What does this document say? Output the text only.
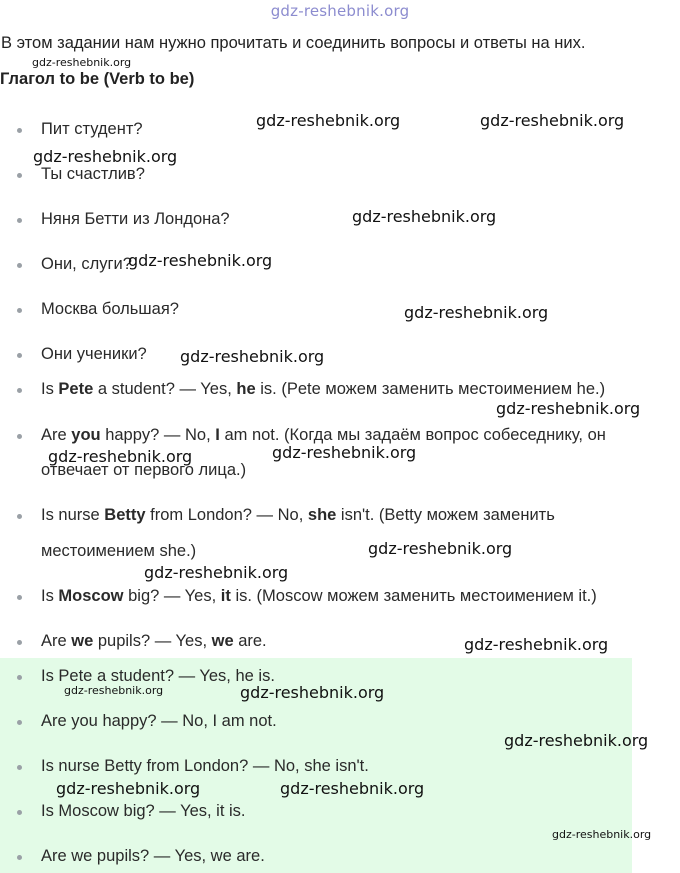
gdz-reshebnik.org
В этом задании нам нужно прочитать и соединить вопросы и ответы на них.
Глагол to be (Verb to be)
Пит студент?
Ты счастлив?
Няня Бетти из Лондона?
Они, слуги?
Москва большая?
Они ученики?
Is Pete a student? — Yes, he is. (Pete можем заменить местоимением he.)
Are you happy? — No, I am not. (Когда мы задаём вопрос собеседнику, он
отвечает от первого лица.)
Is nurse Betty from London? — No, she isn't. (Betty можем заменить
местоимением she.)
Is Moscow big? — Yes, it is. (Moscow можем заменить местоимением it.)
Are we pupils? — Yes, we are.
Is Pete a student? — Yes, he is.
Are you happy? — No, I am not.
Is nurse Betty from London? — No, she isn't.
Is Moscow big? — Yes, it is.
Are we pupils? — Yes, we are.
gdz-reshebnik.org
gdz-reshebnik.org	gdz-reshebnik.org
gdz-reshebnik.org
gdz-reshebnik.org
gdz-reshebnik.org
gdz-reshebnik.org
gdz-reshebnik.org
gdz-reshebnik.org
gdz-reshebnik.org
gdz-reshebnik.org
gdz-reshebnik.org
gdz-reshebnik.org
gdz-reshebnik.org
gdz-reshebnik.org	gdz-reshebnik.org
gdz-reshebnik.org
gdz-reshebnik.org	gdz-reshebnik.org
gdz-reshebnik.org
